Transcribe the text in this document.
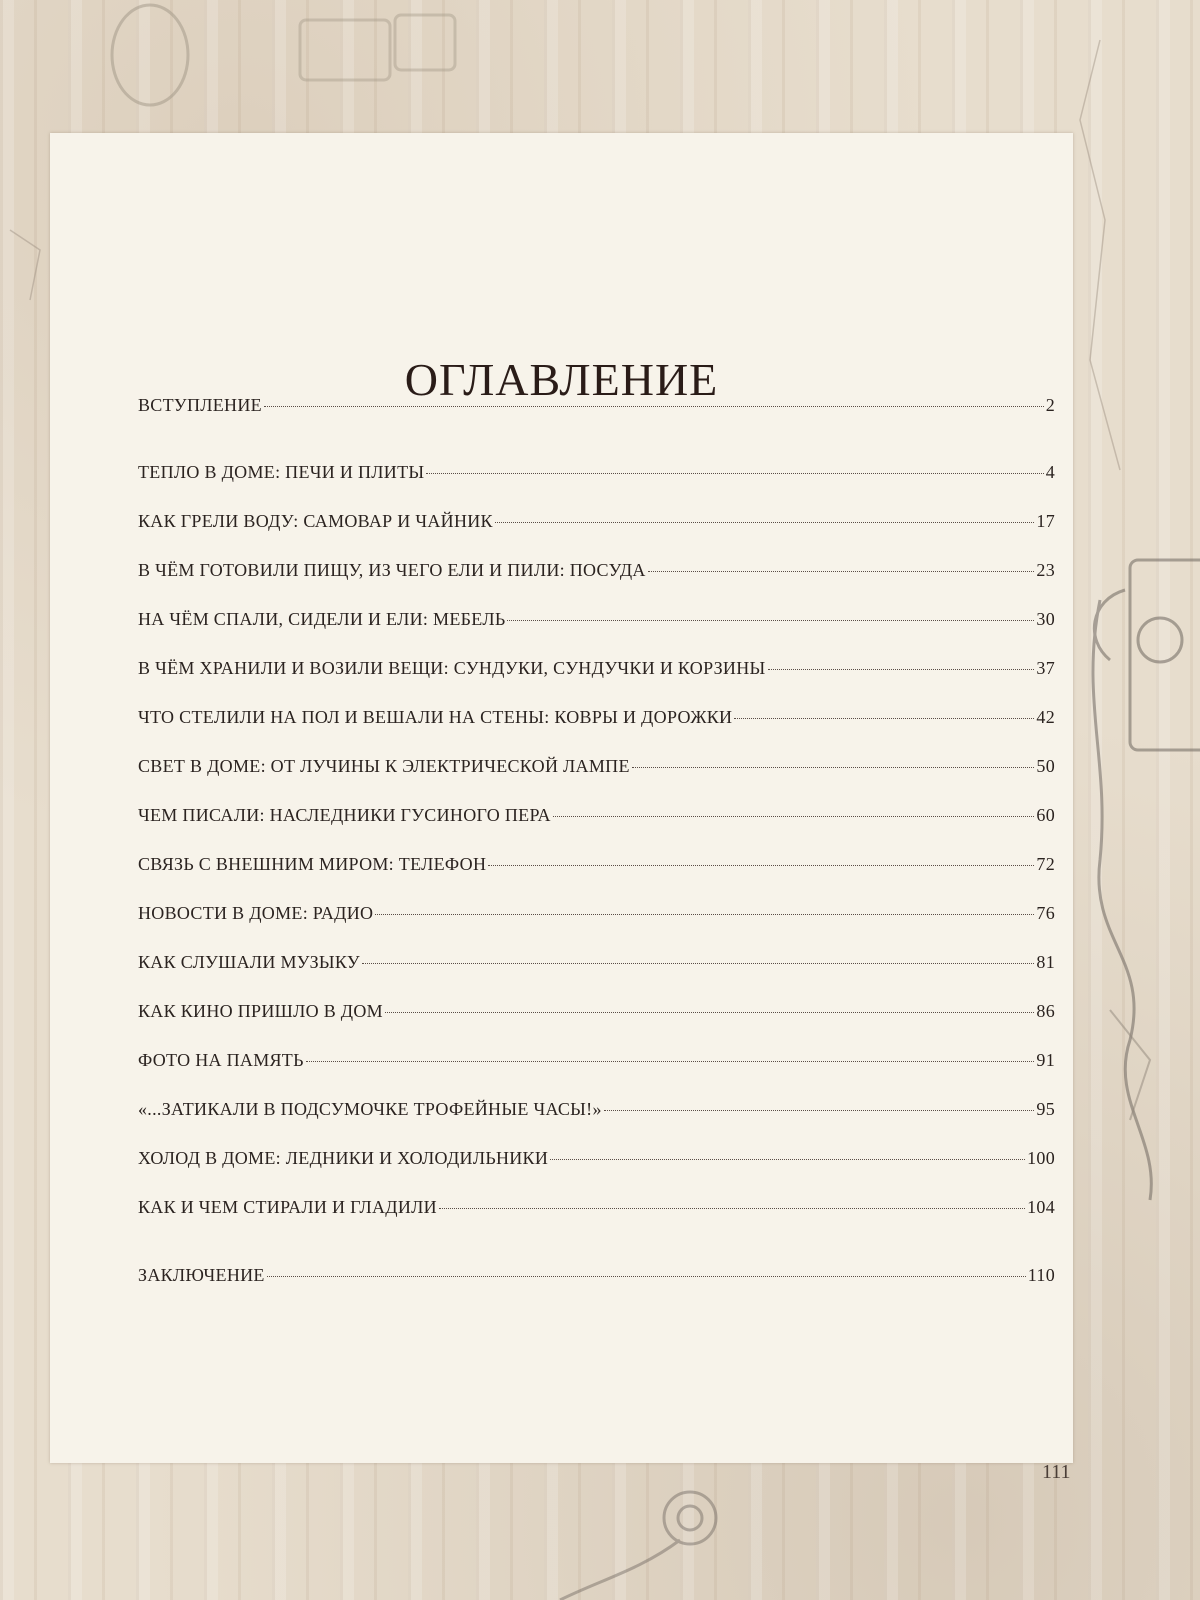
ОГЛАВЛЕНИЕ
ВСТУПЛЕНИЕ	2
ТЕПЛО В ДОМЕ: ПЕЧИ И ПЛИТЫ	4
КАК ГРЕЛИ ВОДУ: САМОВАР И ЧАЙНИК	17
В ЧЁМ ГОТОВИЛИ ПИЩУ, ИЗ ЧЕГО ЕЛИ И ПИЛИ: ПОСУДА	23
НА ЧЁМ СПАЛИ, СИДЕЛИ И ЕЛИ: МЕБЕЛЬ	30
В ЧЁМ ХРАНИЛИ И ВОЗИЛИ ВЕЩИ: СУНДУКИ, СУНДУЧКИ И КОРЗИНЫ	37
ЧТО СТЕЛИЛИ НА ПОЛ И ВЕШАЛИ НА СТЕНЫ: КОВРЫ И ДОРОЖКИ	42
СВЕТ В ДОМЕ: ОТ ЛУЧИНЫ К ЭЛЕКТРИЧЕСКОЙ ЛАМПЕ	50
ЧЕМ ПИСАЛИ: НАСЛЕДНИКИ ГУСИНОГО ПЕРА	60
СВЯЗЬ С ВНЕШНИМ МИРОМ: ТЕЛЕФОН	72
НОВОСТИ В ДОМЕ: РАДИО	76
КАК СЛУШАЛИ МУЗЫКУ	81
КАК КИНО ПРИШЛО В ДОМ	86
ФОТО НА ПАМЯТЬ	91
«...ЗАТИКАЛИ В ПОДСУМОЧКЕ ТРОФЕЙНЫЕ ЧАСЫ!»	95
ХОЛОД В ДОМЕ: ЛЕДНИКИ И ХОЛОДИЛЬНИКИ	100
КАК И ЧЕМ СТИРАЛИ И ГЛАДИЛИ	104
ЗАКЛЮЧЕНИЕ	110
111
